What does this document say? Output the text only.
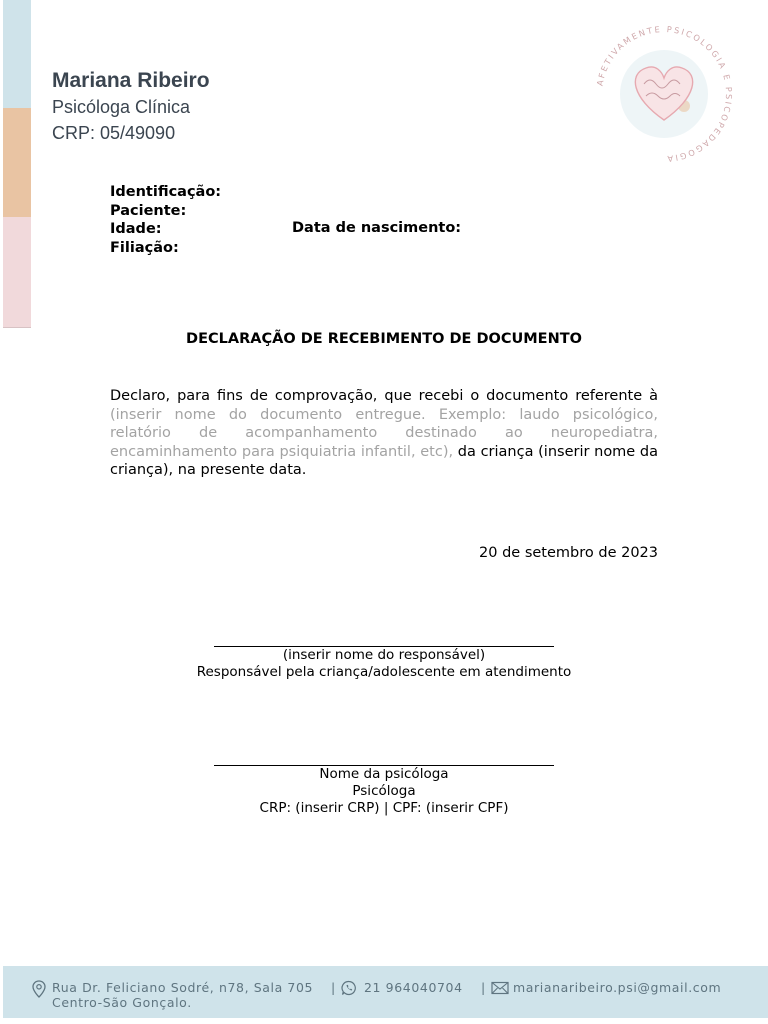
Mariana Ribeiro
Psicóloga Clínica
CRP: 05/49090
AFETIVAMENTE PSICOLOGIA E PSICOPEDAGOGIA
Identificação:
Paciente:
Idade:
Filiação:
Data de nascimento:
DECLARAÇÃO DE RECEBIMENTO DE DOCUMENTO
Declaro, para fins de comprovação, que recebi o documento referente à (inserir nome do documento entregue. Exemplo: laudo psicológico, relatório de acompanhamento destinado ao neuropediatra, encaminhamento para psiquiatria infantil, etc), da criança (inserir nome da criança), na presente data.
20 de setembro de 2023
(inserir nome do responsável)
Responsável pela criança/adolescente em atendimento
Nome da psicóloga
Psicóloga
CRP: (inserir CRP) | CPF: (inserir CPF)
Rua Dr. Feliciano Sodré, n78, Sala 705
Centro-São Gonçalo.
| 21 964040704 | marianaribeiro.psi@gmail.com
